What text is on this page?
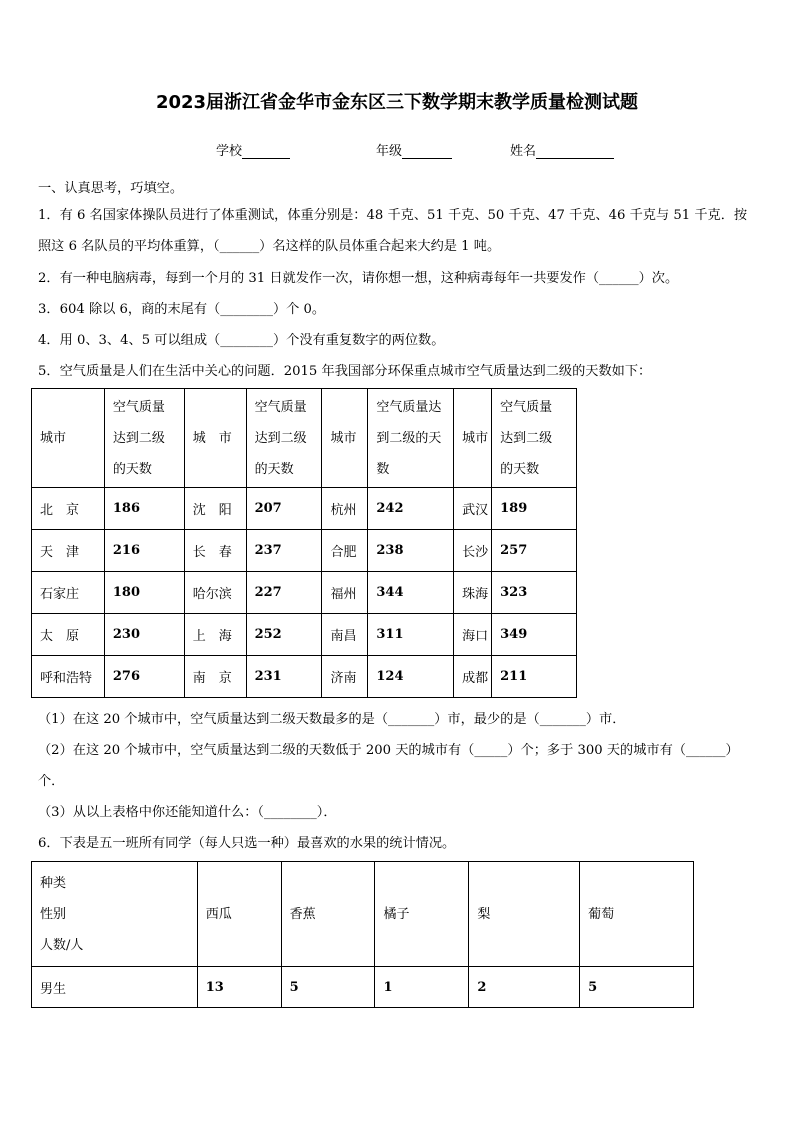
2023届浙江省金华市金东区三下数学期末教学质量检测试题
学校	年级	姓名
一、认真思考，巧填空。
1．有 6 名国家体操队员进行了体重测试，体重分别是：48 千克、51 千克、50 千克、47 千克、46 千克与 51 千克．按
照这 6 名队员的平均体重算，（______）名这样的队员体重合起来大约是 1 吨。
2．有一种电脑病毒，每到一个月的 31 日就发作一次，请你想一想，这种病毒每年一共要发作（______）次。
3．604 除以 6，商的末尾有（________）个 0。
4．用 0、3、4、5 可以组成（________）个没有重复数字的两位数。
5．空气质量是人们在生活中关心的问题．2015 年我国部分环保重点城市空气质量达到二级的天数如下：
城市	空气质量
达到二级
的天数	城　市	空气质量
达到二级
的天数	城市	空气质量达
到二级的天
数	城市	空气质量
达到二级
的天数
北　京	186	沈　阳	207	杭州	242	武汉	189
天　津	216	长　春	237	合肥	238	长沙	257
石家庄	180	哈尔滨	227	福州	344	珠海	323
太　原	230	上　海	252	南昌	311	海口	349
呼和浩特	276	南　京	231	济南	124	成都	211
（1）在这 20 个城市中，空气质量达到二级天数最多的是（_______）市，最少的是（_______）市．
（2）在这 20 个城市中，空气质量达到二级的天数低于 200 天的城市有（_____）个；多于 300 天的城市有（______）
个．
（3）从以上表格中你还能知道什么：（________）．
6．下表是五一班所有同学（每人只选一种）最喜欢的水果的统计情况。
种类
性别
人数/人	西瓜	香蕉	橘子	梨	葡萄
男生	13	5	1	2	5
